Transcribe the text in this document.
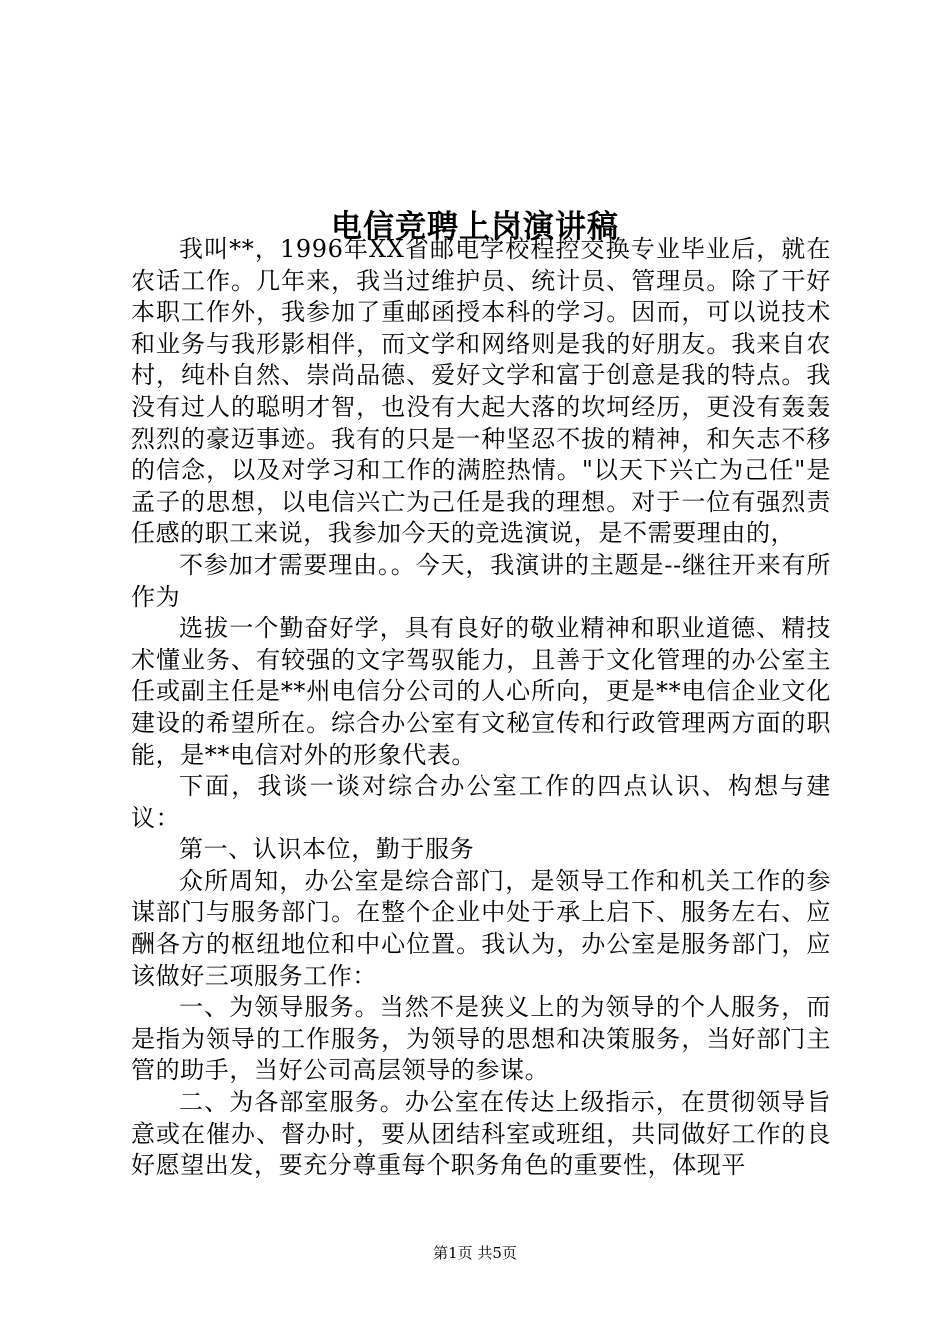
电信竞聘上岗演讲稿

我叫**，1996年XX省邮电学校程控交换专业毕业后，就在农话工作。几年来，我当过维护员、统计员、管理员。除了干好本职工作外，我参加了重邮函授本科的学习。因而，可以说技术和业务与我形影相伴，而文学和网络则是我的好朋友。我来自农村，纯朴自然、崇尚品德、爱好文学和富于创意是我的特点。我没有过人的聪明才智，也没有大起大落的坎坷经历，更没有轰轰烈烈的豪迈事迹。我有的只是一种坚忍不拔的精神，和矢志不移的信念，以及对学习和工作的满腔热情。"以天下兴亡为己任"是孟子的思想，以电信兴亡为己任是我的理想。对于一位有强烈责任感的职工来说，我参加今天的竞选演说，是不需要理由的，

不参加才需要理由。。今天，我演讲的主题是--继往开来有所作为

选拔一个勤奋好学，具有良好的敬业精神和职业道德、精技术懂业务、有较强的文字驾驭能力，且善于文化管理的办公室主任或副主任是**州电信分公司的人心所向，更是**电信企业文化建设的希望所在。综合办公室有文秘宣传和行政管理两方面的职能，是**电信对外的形象代表。

下面，我谈一谈对综合办公室工作的四点认识、构想与建议：

第一、认识本位，勤于服务

众所周知，办公室是综合部门，是领导工作和机关工作的参谋部门与服务部门。在整个企业中处于承上启下、服务左右、应酬各方的枢纽地位和中心位置。我认为，办公室是服务部门，应该做好三项服务工作：

一、为领导服务。当然不是狭义上的为领导的个人服务，而是指为领导的工作服务，为领导的思想和决策服务，当好部门主管的助手，当好公司高层领导的参谋。

二、为各部室服务。办公室在传达上级指示，在贯彻领导旨意或在催办、督办时，要从团结科室或班组，共同做好工作的良好愿望出发，要充分尊重每个职务角色的重要性，体现平

第1页 共5页
